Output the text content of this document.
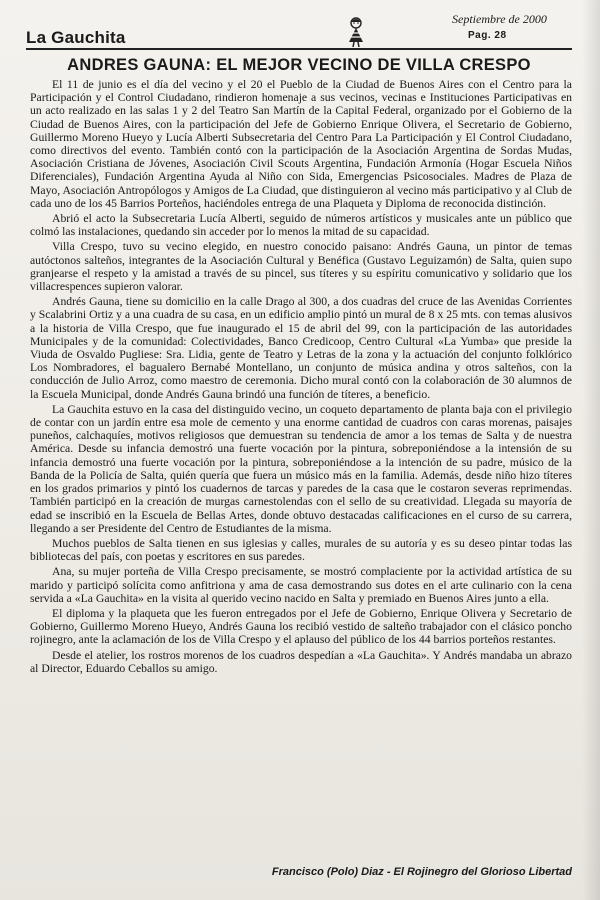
La Gauchita
Septiembre de 2000
Pag. 28
ANDRES GAUNA: EL MEJOR VECINO DE VILLA CRESPO

El 11 de junio es el día del vecino y el 20 el Pueblo de la Ciudad de Buenos Aires con el Centro para la Participación y el Control Ciudadano, rindieron homenaje a sus vecinos, vecinas e Instituciones Participativas en un acto realizado en las salas 1 y 2 del Teatro San Martín de la Capital Federal, organizado por el Gobierno de la Ciudad de Buenos Aires, con la participación del Jefe de Gobierno Enrique Olivera, el Secretario de Gobierno, Guillermo Moreno Hueyo y Lucía Alberti Subsecretaria del Centro Para La Participación y El Control Ciudadano, como directivos del evento. También contó con la participación de la Asociación Argentina de Sordas Mudas, Asociación Cristiana de Jóvenes, Asociación Civil Scouts Argentina, Fundación Armonía (Hogar Escuela Niños Diferenciales), Fundación Argentina Ayuda al Niño con Sida, Emergencias Psicosociales. Madres de Plaza de Mayo, Asociación Antropólogos y Amigos de La Ciudad, que distinguieron al vecino más participativo y al Club de cada uno de los 45 Barrios Porteños, haciéndoles entrega de una Plaqueta y Diploma de reconocida distinción.

Abrió el acto la Subsecretaria Lucía Alberti, seguido de números artísticos y musicales ante un público que colmó las instalaciones, quedando sin acceder por lo menos la mitad de su capacidad.

Villa Crespo, tuvo su vecino elegido, en nuestro conocido paisano: Andrés Gauna, un pintor de temas autóctonos salteños, integrantes de la Asociación Cultural y Benéfica (Gustavo Leguizamón) de Salta, quien supo granjearse el respeto y la amistad a través de su pincel, sus títeres y su espíritu comunicativo y solidario que los villacrespences supieron valorar.

Andrés Gauna, tiene su domicilio en la calle Drago al 300, a dos cuadras del cruce de las Avenidas Corrientes y Scalabrini Ortiz y a una cuadra de su casa, en un edificio amplio pintó un mural de 8 x 25 mts. con temas alusivos a la historia de Villa Crespo, que fue inaugurado el 15 de abril del 99, con la participación de las autoridades Municipales y de la comunidad: Colectividades, Banco Credicoop, Centro Cultural «La Yumba» que preside la Viuda de Osvaldo Pugliese: Sra. Lidia, gente de Teatro y Letras de la zona y la actuación del conjunto folklórico Los Nombradores, el bagualero Bernabé Montellano, un conjunto de música andina y otros salteños, con la conducción de Julio Arroz, como maestro de ceremonia. Dicho mural contó con la colaboración de 30 alumnos de la Escuela Municipal, donde Andrés Gauna brindó una función de títeres, a beneficio.

La Gauchita estuvo en la casa del distinguido vecino, un coqueto departamento de planta baja con el privilegio de contar con un jardín entre esa mole de cemento y una enorme cantidad de cuadros con caras morenas, paisajes puneños, calchaquíes, motivos religiosos que demuestran su tendencia de amor a los temas de Salta y de nuestra América. Desde su infancia demostró una fuerte vocación por la pintura, sobreponiéndose a la intensión de su infancia demostró una fuerte vocación por la pintura, sobreponiéndose a la intención de su padre, músico de la Banda de la Policía de Salta, quién quería que fuera un músico más en la familia. Además, desde niño hizo títeres en los grados primarios y pintó los cuadernos de tarcas y paredes de la casa que le costaron severas reprimendas. También participó en la creación de murgas carnestolendas con el sello de su creatividad. Llegada su mayoría de edad se inscribió en la Escuela de Bellas Artes, donde obtuvo destacadas calificaciones en el curso de su carrera, llegando a ser Presidente del Centro de Estudiantes de la misma.

Muchos pueblos de Salta tienen en sus iglesias y calles, murales de su autoría y es su deseo pintar todas las bibliotecas del país, con poetas y escritores en sus paredes.

Ana, su mujer porteña de Villa Crespo precisamente, se mostró complaciente por la actividad artística de su marido y participó solícita como anfitriona y ama de casa demostrando sus dotes en el arte culinario con la cena servida a «La Gauchita» en la visita al querido vecino nacido en Salta y premiado en Buenos Aires junto a ella.

El diploma y la plaqueta que les fueron entregados por el Jefe de Gobierno, Enrique Olivera y Secretario de Gobierno, Guillermo Moreno Hueyo, Andrés Gauna los recibió vestido de salteño trabajador con el clásico poncho rojinegro, ante la aclamación de los de Villa Crespo y el aplauso del público de los 44 barrios porteños restantes.

Desde el atelier, los rostros morenos de los cuadros despedían a «La Gauchita». Y Andrés mandaba un abrazo al Director, Eduardo Ceballos su amigo.

Francisco (Polo) Diaz - El Rojinegro del Glorioso Libertad
